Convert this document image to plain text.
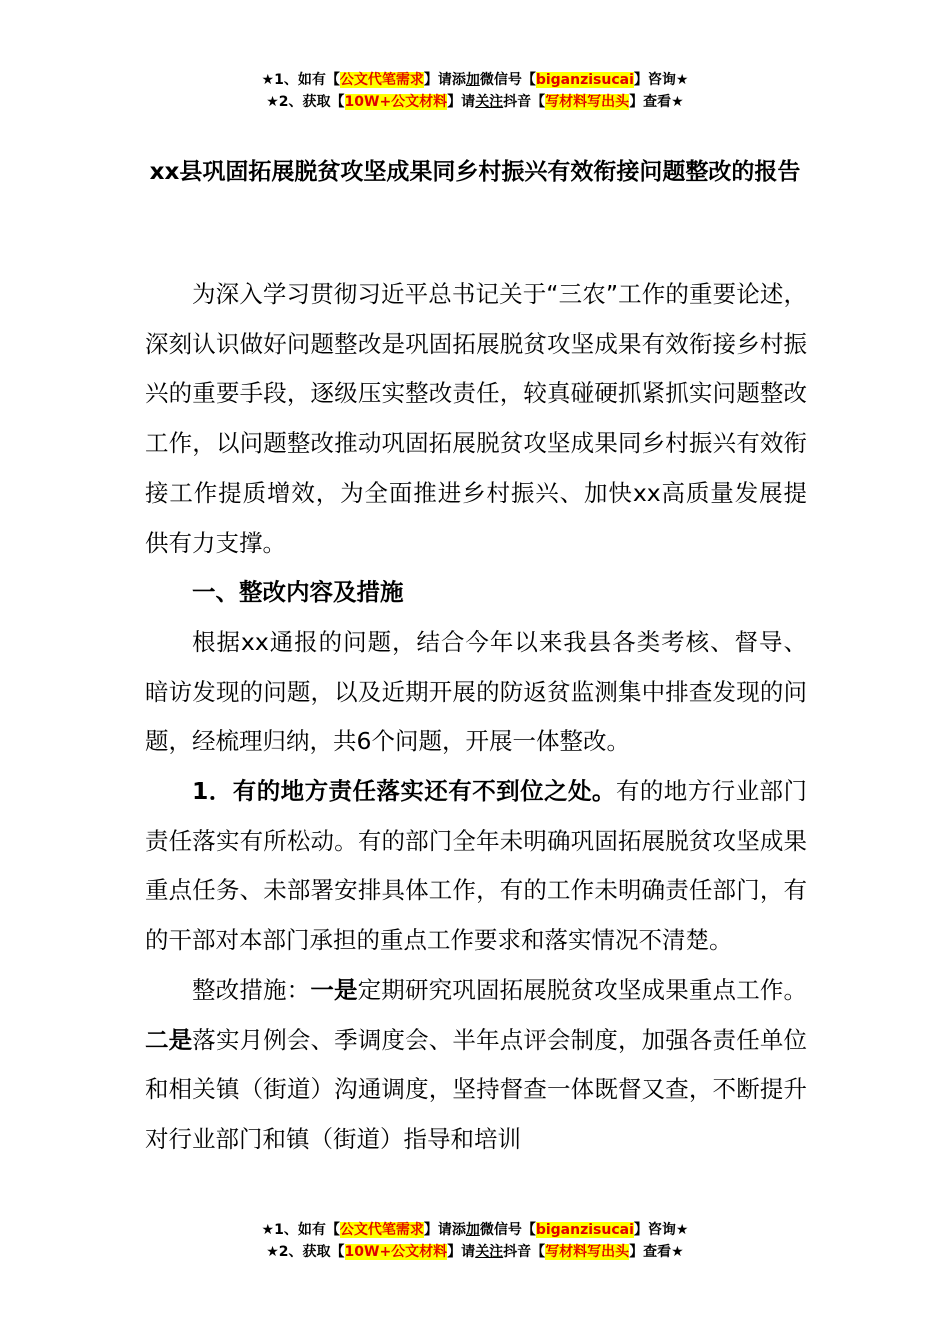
★1、如有【公文代笔需求】请添加微信号【biganzisucai】咨询★
★2、获取【10W+公文材料】请关注抖音【写材料写出头】查看★
xx县巩固拓展脱贫攻坚成果同乡村振兴有效衔接问题整改的报告

为深入学习贯彻习近平总书记关于“三农”工作的重要论述，深刻认识做好问题整改是巩固拓展脱贫攻坚成果有效衔接乡村振兴的重要手段，逐级压实整改责任，较真碰硬抓紧抓实问题整改工作，以问题整改推动巩固拓展脱贫攻坚成果同乡村振兴有效衔接工作提质增效，为全面推进乡村振兴、加快xx高质量发展提供有力支撑。

一、整改内容及措施

根据xx通报的问题，结合今年以来我县各类考核、督导、暗访发现的问题，以及近期开展的防返贫监测集中排查发现的问题，经梳理归纳，共6个问题，开展一体整改。

1．有的地方责任落实还有不到位之处。有的地方行业部门责任落实有所松动。有的部门全年未明确巩固拓展脱贫攻坚成果重点任务、未部署安排具体工作，有的工作未明确责任部门，有的干部对本部门承担的重点工作要求和落实情况不清楚。

整改措施：一是定期研究巩固拓展脱贫攻坚成果重点工作。二是落实月例会、季调度会、半年点评会制度，加强各责任单位和相关镇（街道）沟通调度，坚持督查一体既督又查，不断提升对行业部门和镇（街道）指导和培训

★1、如有【公文代笔需求】请添加微信号【biganzisucai】咨询★
★2、获取【10W+公文材料】请关注抖音【写材料写出头】查看★
